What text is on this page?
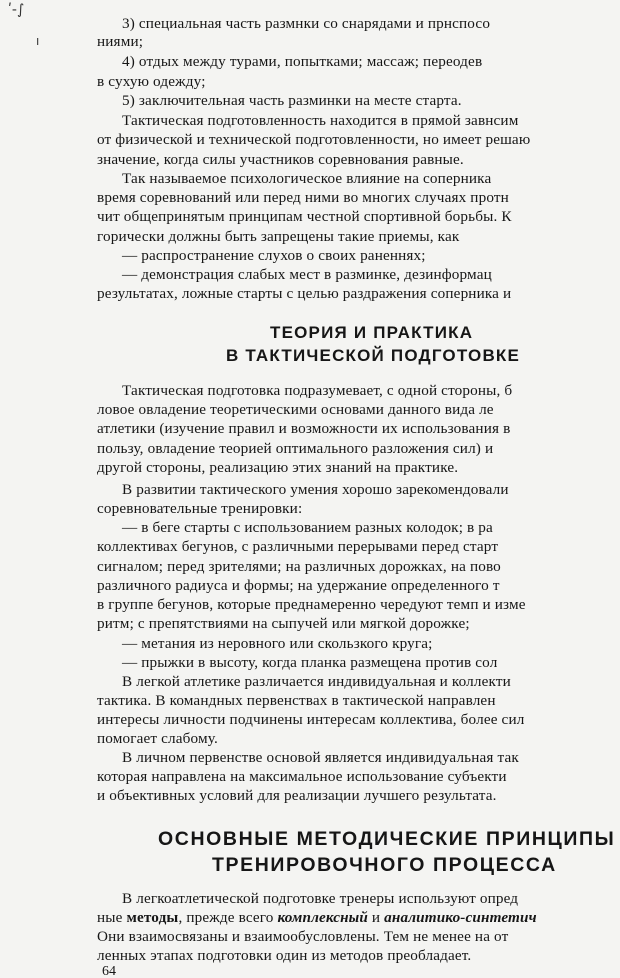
ʹ‑∫
ı
3) специальная часть размнки со снарядами и прнспосо
ниями;
4) отдых между турами, попытками; массаж; переодев
в сухую одежду;
5) заключительная часть разминки на месте старта.
Тактическая подготовленность находится в прямой завнсим
от физической и технической подготовленности, но имеет решаю
значение, когда силы участников соревнования равные.
Так называемое психологическое влияние на соперника
время соревнований или перед ними во многих случаях протн
чит общепринятым принципам честной спортивной борьбы. К
горически должны быть запрещены такие приемы, как
— распространение слухов о своих раненнях;
— демонстрация слабых мест в разминке, дезинформац
результатах, ложные старты с целью раздражения соперника и
ТЕОРИЯ И ПРАКТИКА
В ТАКТИЧЕСКОЙ ПОДГОТОВКЕ
Тактическая подготовка подразумевает, с одной стороны, б
ловое овладение теоретическими основами данного вида ле
атлетики (изучение правил и возможности их использования в
пользу, овладение теорией оптимального разложения сил) и
другой стороны, реализацию этих знаний на практике.
В развитии тактического умения хорошо зарекомендовали
соревновательные тренировки:
— в беге старты с использованием разных колодок; в ра
коллективах бегунов, с различными перерывами перед старт
сигналом; перед зрителями; на различных дорожках, на пово
различного радиуса и формы; на удержание определенного т
в группе бегунов, которые преднамеренно чередуют темп и изме
ритм; с препятствиями на сыпучей или мягкой дорожке;
— метания из неровного или скользкого круга;
— прыжки в высоту, когда планка размещена против сол
В легкой атлетике различается индивидуальная и коллекти
тактика. В командных первенствах в тактической направлен
интересы личности подчинены интересам коллектива, более сил
помогает слабому.
В личном первенстве основой является индивидуальная так
которая направлена на максимальное использование субъекти
и объективных условий для реализации лучшего результата.
ОСНОВНЫЕ МЕТОДИЧЕСКИЕ ПРИНЦИПЫ
ТРЕНИРОВОЧНОГО ПРОЦЕССА
В легкоатлетической подготовке тренеры используют опред
ные методы, прежде всего комплексный и аналитико-синтетич
Они взаимосвязаны и взаимообусловлены. Тем не менее на от
ленных этапах подготовки один из методов преобладает.
64
